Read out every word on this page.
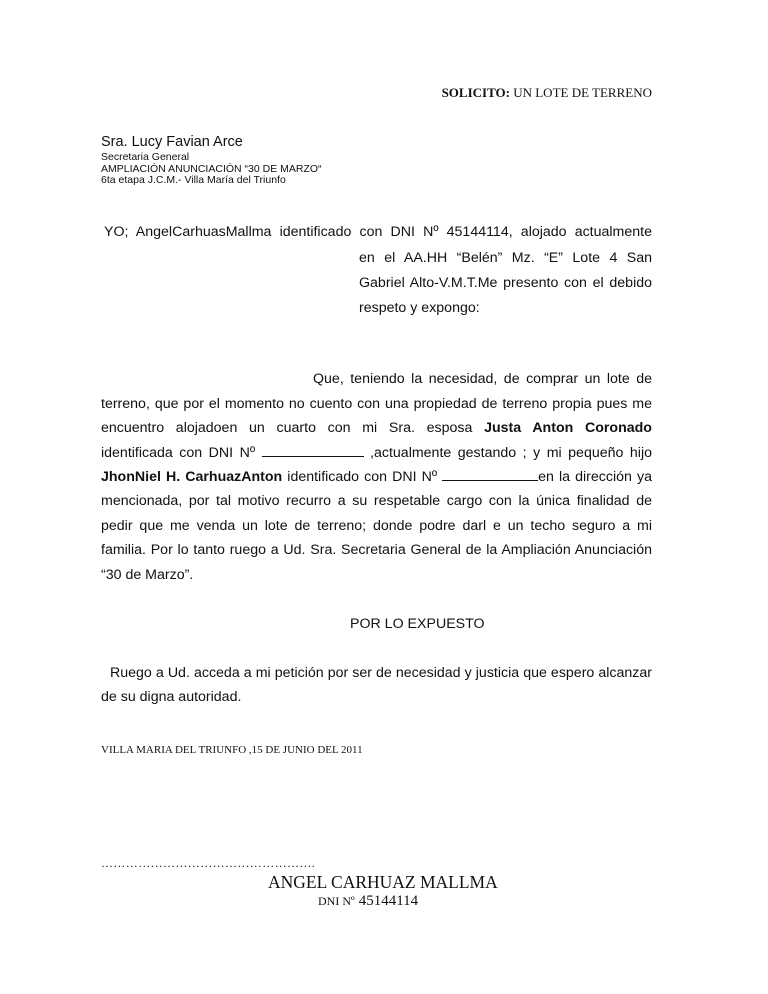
SOLICITO: UN LOTE DE TERRENO
Sra. Lucy Favian Arce
Secretaria General
AMPLIACIÓN ANUNCIACIÓN “30 DE MARZO“
6ta etapa J.C.M.- Villa María del Triunfo
YO; AngelCarhuasMallma identificado con DNI Nº 45144114, alojado actualmente
en el AA.HH “Belén” Mz. “E” Lote 4 San
Gabriel Alto-V.M.T.Me presento con el debido
respeto y expongo:
Que, teniendo la necesidad, de comprar un lote de
terreno, que por el momento no cuento con una propiedad de terreno propia pues me
encuentro alojadoen un cuarto con mi Sra. esposa Justa Anton Coronado
identificada con DNI Nº	,actualmente gestando ; y mi pequeño hijo
JhonNiel H. CarhuazAnton identificado con DNI Nº	en la dirección ya
mencionada, por tal motivo recurro a su respetable cargo con la única finalidad de
pedir que me venda un lote de terreno; donde podre darl e un techo seguro a mi
familia. Por lo tanto ruego a Ud. Sra. Secretaria General de la Ampliación Anunciación
“30 de Marzo”.
POR LO EXPUESTO
Ruego a Ud. acceda a mi petición por ser de necesidad y justicia que espero alcanzar
de su digna autoridad.
VILLA MARIA DEL TRIUNFO ,15 DE JUNIO DEL 2011
…………………………………………….
ANGEL CARHUAZ MALLMA
DNI Nº 45144114
